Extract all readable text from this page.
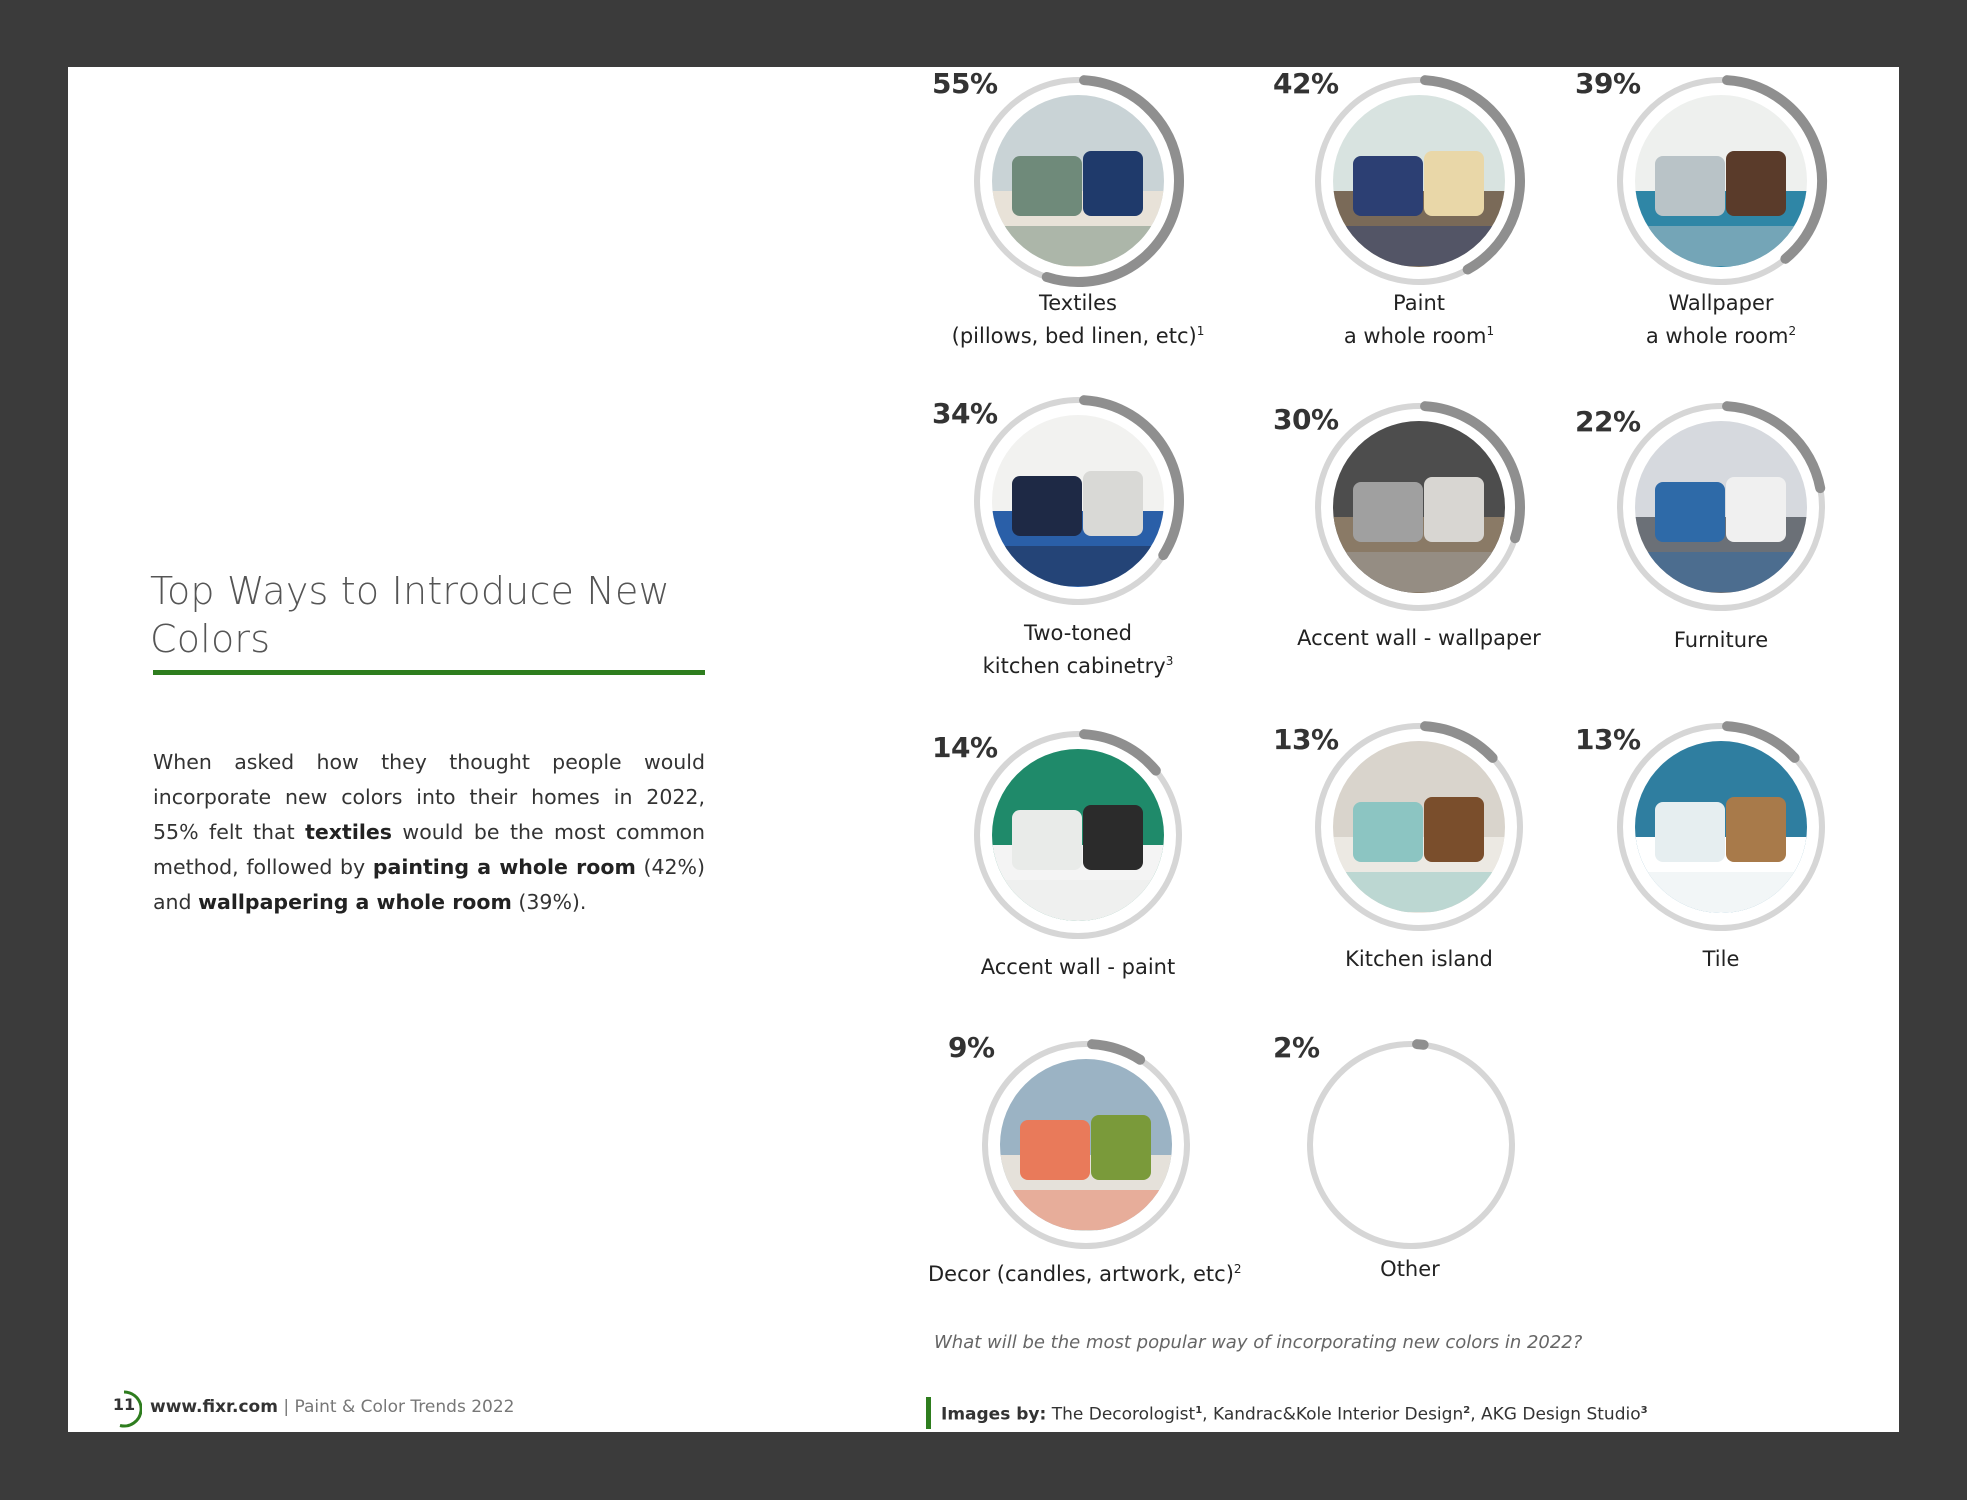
Top Ways to Introduce New Colors
When asked how they thought people would incorporate new colors into their homes in 2022, 55% felt that textiles would be the most common method, followed by painting a whole room (42%) and wallpapering a whole room (39%).
55%
Textiles
(pillows, bed linen, etc)$^1$
42%
Paint
a whole room$^1$
39%
Wallpaper
a whole room$^2$
34%
Two-toned
kitchen cabinetry$^3$
30%
Accent wall - wallpaper
22%
Furniture
14%
Accent wall - paint
13%
Kitchen island
13%
Tile
9%
Decor (candles, artwork, etc)$^2$
2%
Other
What will be the most popular way of incorporating new colors in 2022?
11 www.fixr.com | Paint & Color Trends 2022	Images by: The Decorologist$^1$, Kandrac&Kole Interior Design$^2$, AKG Design Studio$^3$
